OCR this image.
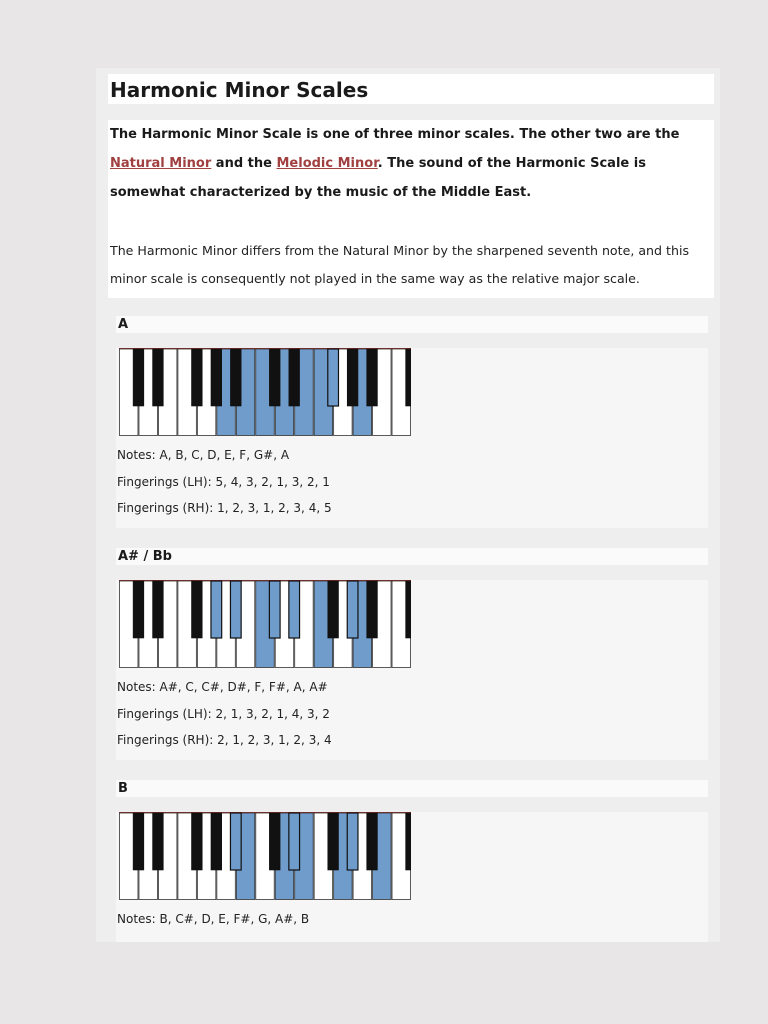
Harmonic Minor Scales

The Harmonic Minor Scale is one of three minor scales. The other two are the Natural Minor and the Melodic Minor. The sound of the Harmonic Scale is somewhat characterized by the music of the Middle East.

The Harmonic Minor differs from the Natural Minor by the sharpened seventh note, and this minor scale is consequently not played in the same way as the relative major scale.

A
Notes: A, B, C, D, E, F, G#, A
Fingerings (LH): 5, 4, 3, 2, 1, 3, 2, 1
Fingerings (RH): 1, 2, 3, 1, 2, 3, 4, 5
A# / Bb
Notes: A#, C, C#, D#, F, F#, A, A#
Fingerings (LH): 2, 1, 3, 2, 1, 4, 3, 2
Fingerings (RH): 2, 1, 2, 3, 1, 2, 3, 4
B
Notes: B, C#, D, E, F#, G, A#, B
